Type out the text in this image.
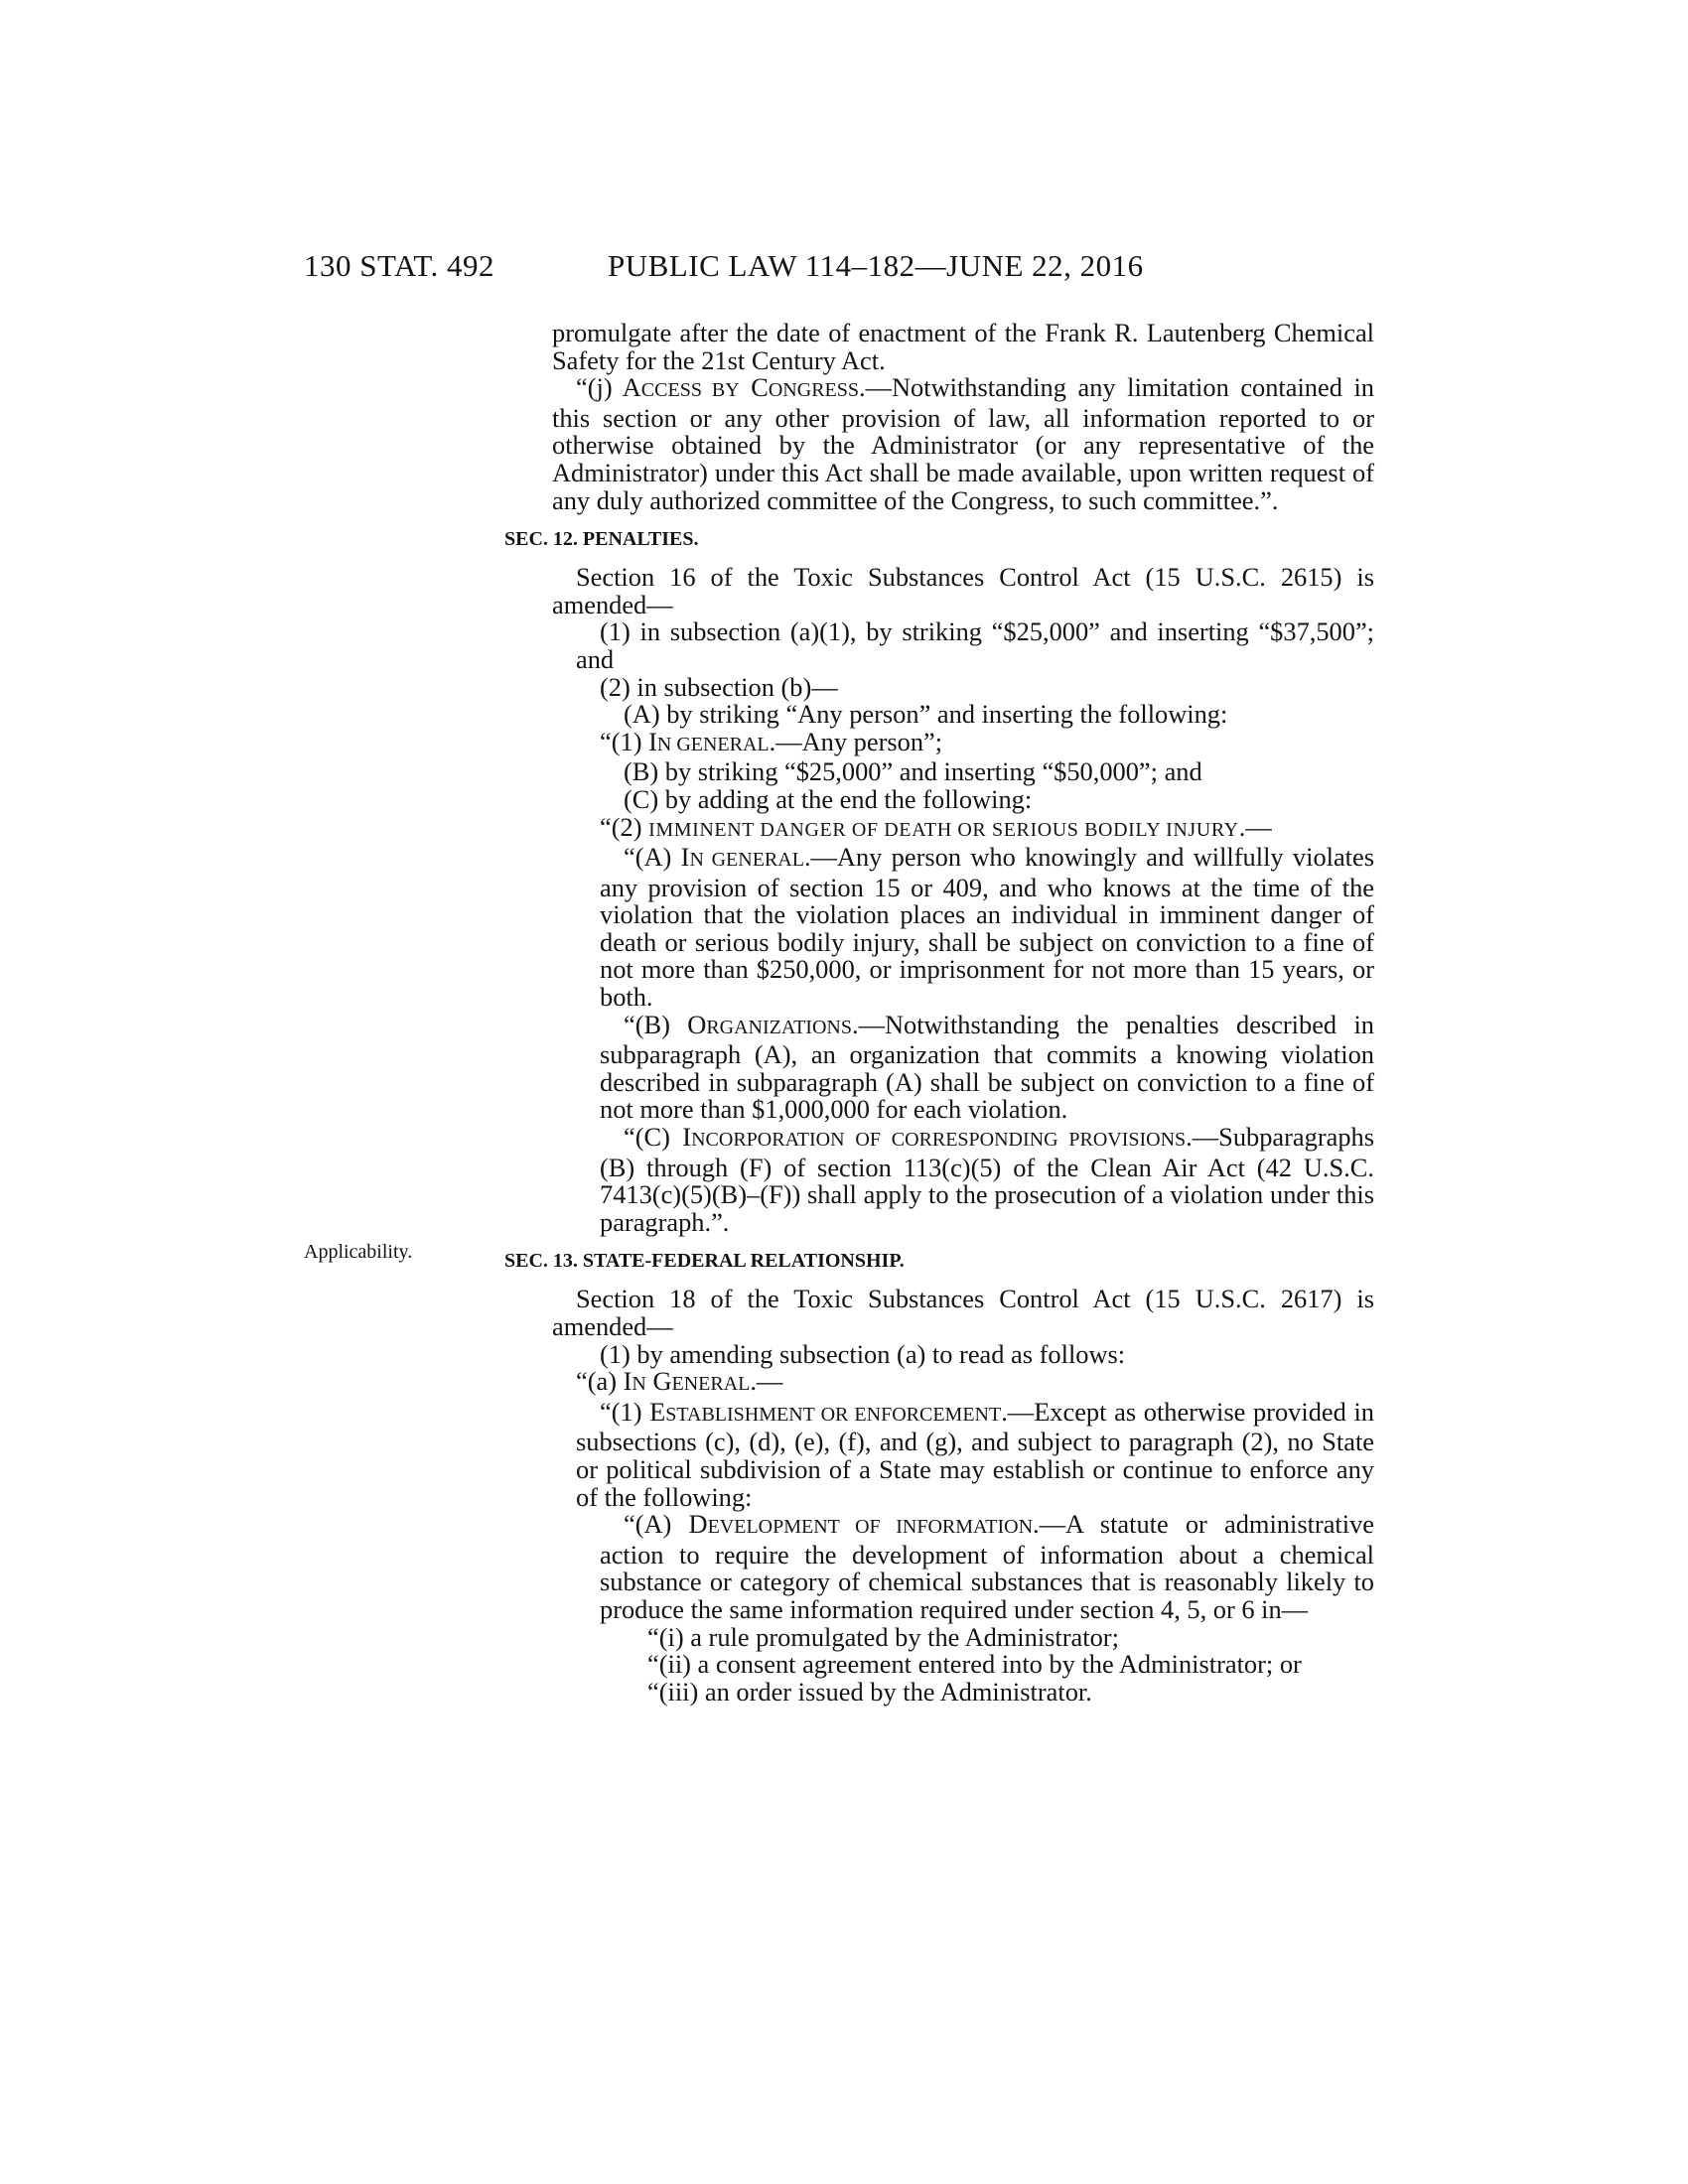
130 STAT. 492	PUBLIC LAW 114–182—JUNE 22, 2016
Applicability.

promulgate after the date of enactment of the Frank R. Lautenberg Chemical Safety for the 21st Century Act.

“(j) ACCESS BY CONGRESS.—Notwithstanding any limitation contained in this section or any other provision of law, all information reported to or otherwise obtained by the Administrator (or any representative of the Administrator) under this Act shall be made available, upon written request of any duly authorized committee of the Congress, to such committee.”.

SEC. 12. PENALTIES.

Section 16 of the Toxic Substances Control Act (15 U.S.C. 2615) is amended—

(1) in subsection (a)(1), by striking “$25,000” and inserting “$37,500”; and

(2) in subsection (b)—

(A) by striking “Any person” and inserting the following:

“(1) IN GENERAL.—Any person”;

(B) by striking “$25,000” and inserting “$50,000”; and

(C) by adding at the end the following:

“(2) IMMINENT DANGER OF DEATH OR SERIOUS BODILY INJURY.—

“(A) IN GENERAL.—Any person who knowingly and willfully violates any provision of section 15 or 409, and who knows at the time of the violation that the violation places an individual in imminent danger of death or serious bodily injury, shall be subject on conviction to a fine of not more than $250,000, or imprisonment for not more than 15 years, or both.

“(B) ORGANIZATIONS.—Notwithstanding the penalties described in subparagraph (A), an organization that commits a knowing violation described in subparagraph (A) shall be subject on conviction to a fine of not more than $1,000,000 for each violation.

“(C) INCORPORATION OF CORRESPONDING PROVISIONS.—Subparagraphs (B) through (F) of section 113(c)(5) of the Clean Air Act (42 U.S.C. 7413(c)(5)(B)–(F)) shall apply to the prosecution of a violation under this paragraph.”.

SEC. 13. STATE-FEDERAL RELATIONSHIP.

Section 18 of the Toxic Substances Control Act (15 U.S.C. 2617) is amended—

(1) by amending subsection (a) to read as follows:

“(a) IN GENERAL.—

“(1) ESTABLISHMENT OR ENFORCEMENT.—Except as otherwise provided in subsections (c), (d), (e), (f), and (g), and subject to paragraph (2), no State or political subdivision of a State may establish or continue to enforce any of the following:

“(A) DEVELOPMENT OF INFORMATION.—A statute or administrative action to require the development of information about a chemical substance or category of chemical substances that is reasonably likely to produce the same information required under section 4, 5, or 6 in—

“(i) a rule promulgated by the Administrator;

“(ii) a consent agreement entered into by the Administrator; or

“(iii) an order issued by the Administrator.
